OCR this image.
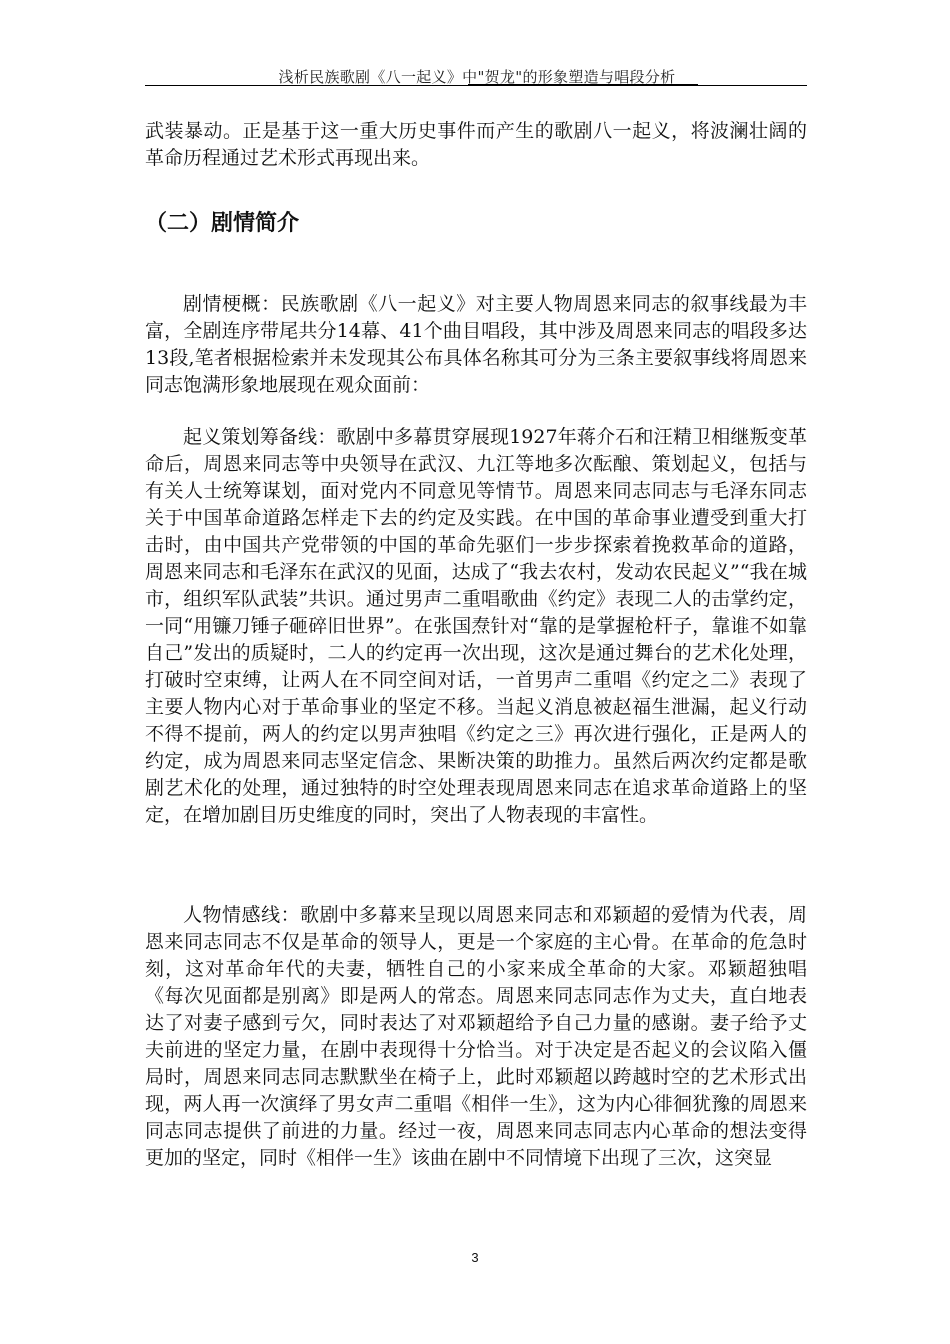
浅析民族歌剧《八一起义》中"贺龙"的形象塑造与唱段分析

武装暴动。正是基于这一重大历史事件而产生的歌剧八一起义，将波澜壮阔的革命历程通过艺术形式再现出来。

（二）剧情简介

剧情梗概：民族歌剧《八一起义》对主要人物周恩来同志的叙事线最为丰富，全剧连序带尾共分14幕、41个曲目唱段，其中涉及周恩来同志的唱段多达13段,笔者根据检索并未发现其公布具体名称其可分为三条主要叙事线将周恩来同志饱满形象地展现在观众面前：

起义策划筹备线：歌剧中多幕贯穿展现1927年蒋介石和汪精卫相继叛变革命后，周恩来同志等中央领导在武汉、九江等地多次酝酿、策划起义，包括与有关人士统筹谋划，面对党内不同意见等情节。周恩来同志同志与毛泽东同志关于中国革命道路怎样走下去的约定及实践。在中国的革命事业遭受到重大打击时，由中国共产党带领的中国的革命先驱们一步步探索着挽救革命的道路，周恩来同志和毛泽东在武汉的见面，达成了“我去农村，发动农民起义”“我在城市，组织军队武装”共识。通过男声二重唱歌曲《约定》表现二人的击掌约定，一同“用镰刀锤子砸碎旧世界”。在张国焘针对“靠的是掌握枪杆子，靠谁不如靠自己”发出的质疑时，二人的约定再一次出现，这次是通过舞台的艺术化处理，打破时空束缚，让两人在不同空间对话，一首男声二重唱《约定之二》表现了主要人物内心对于革命事业的坚定不移。当起义消息被赵福生泄漏，起义行动不得不提前，两人的约定以男声独唱《约定之三》再次进行强化，正是两人的约定，成为周恩来同志坚定信念、果断决策的助推力。虽然后两次约定都是歌剧艺术化的处理，通过独特的时空处理表现周恩来同志在追求革命道路上的坚定，在增加剧目历史维度的同时，突出了人物表现的丰富性。

人物情感线：歌剧中多幕来呈现以周恩来同志和邓颖超的爱情为代表，周恩来同志同志不仅是革命的领导人，更是一个家庭的主心骨。在革命的危急时刻，这对革命年代的夫妻，牺牲自己的小家来成全革命的大家。邓颖超独唱《每次见面都是别离》即是两人的常态。周恩来同志同志作为丈夫，直白地表达了对妻子感到亏欠，同时表达了对邓颖超给予自己力量的感谢。妻子给予丈夫前进的坚定力量，在剧中表现得十分恰当。对于决定是否起义的会议陷入僵局时，周恩来同志同志默默坐在椅子上，此时邓颖超以跨越时空的艺术形式出现，两人再一次演绎了男女声二重唱《相伴一生》，这为内心徘徊犹豫的周恩来同志同志提供了前进的力量。经过一夜，周恩来同志同志内心革命的想法变得更加的坚定，同时《相伴一生》该曲在剧中不同情境下出现了三次，这突显

3
